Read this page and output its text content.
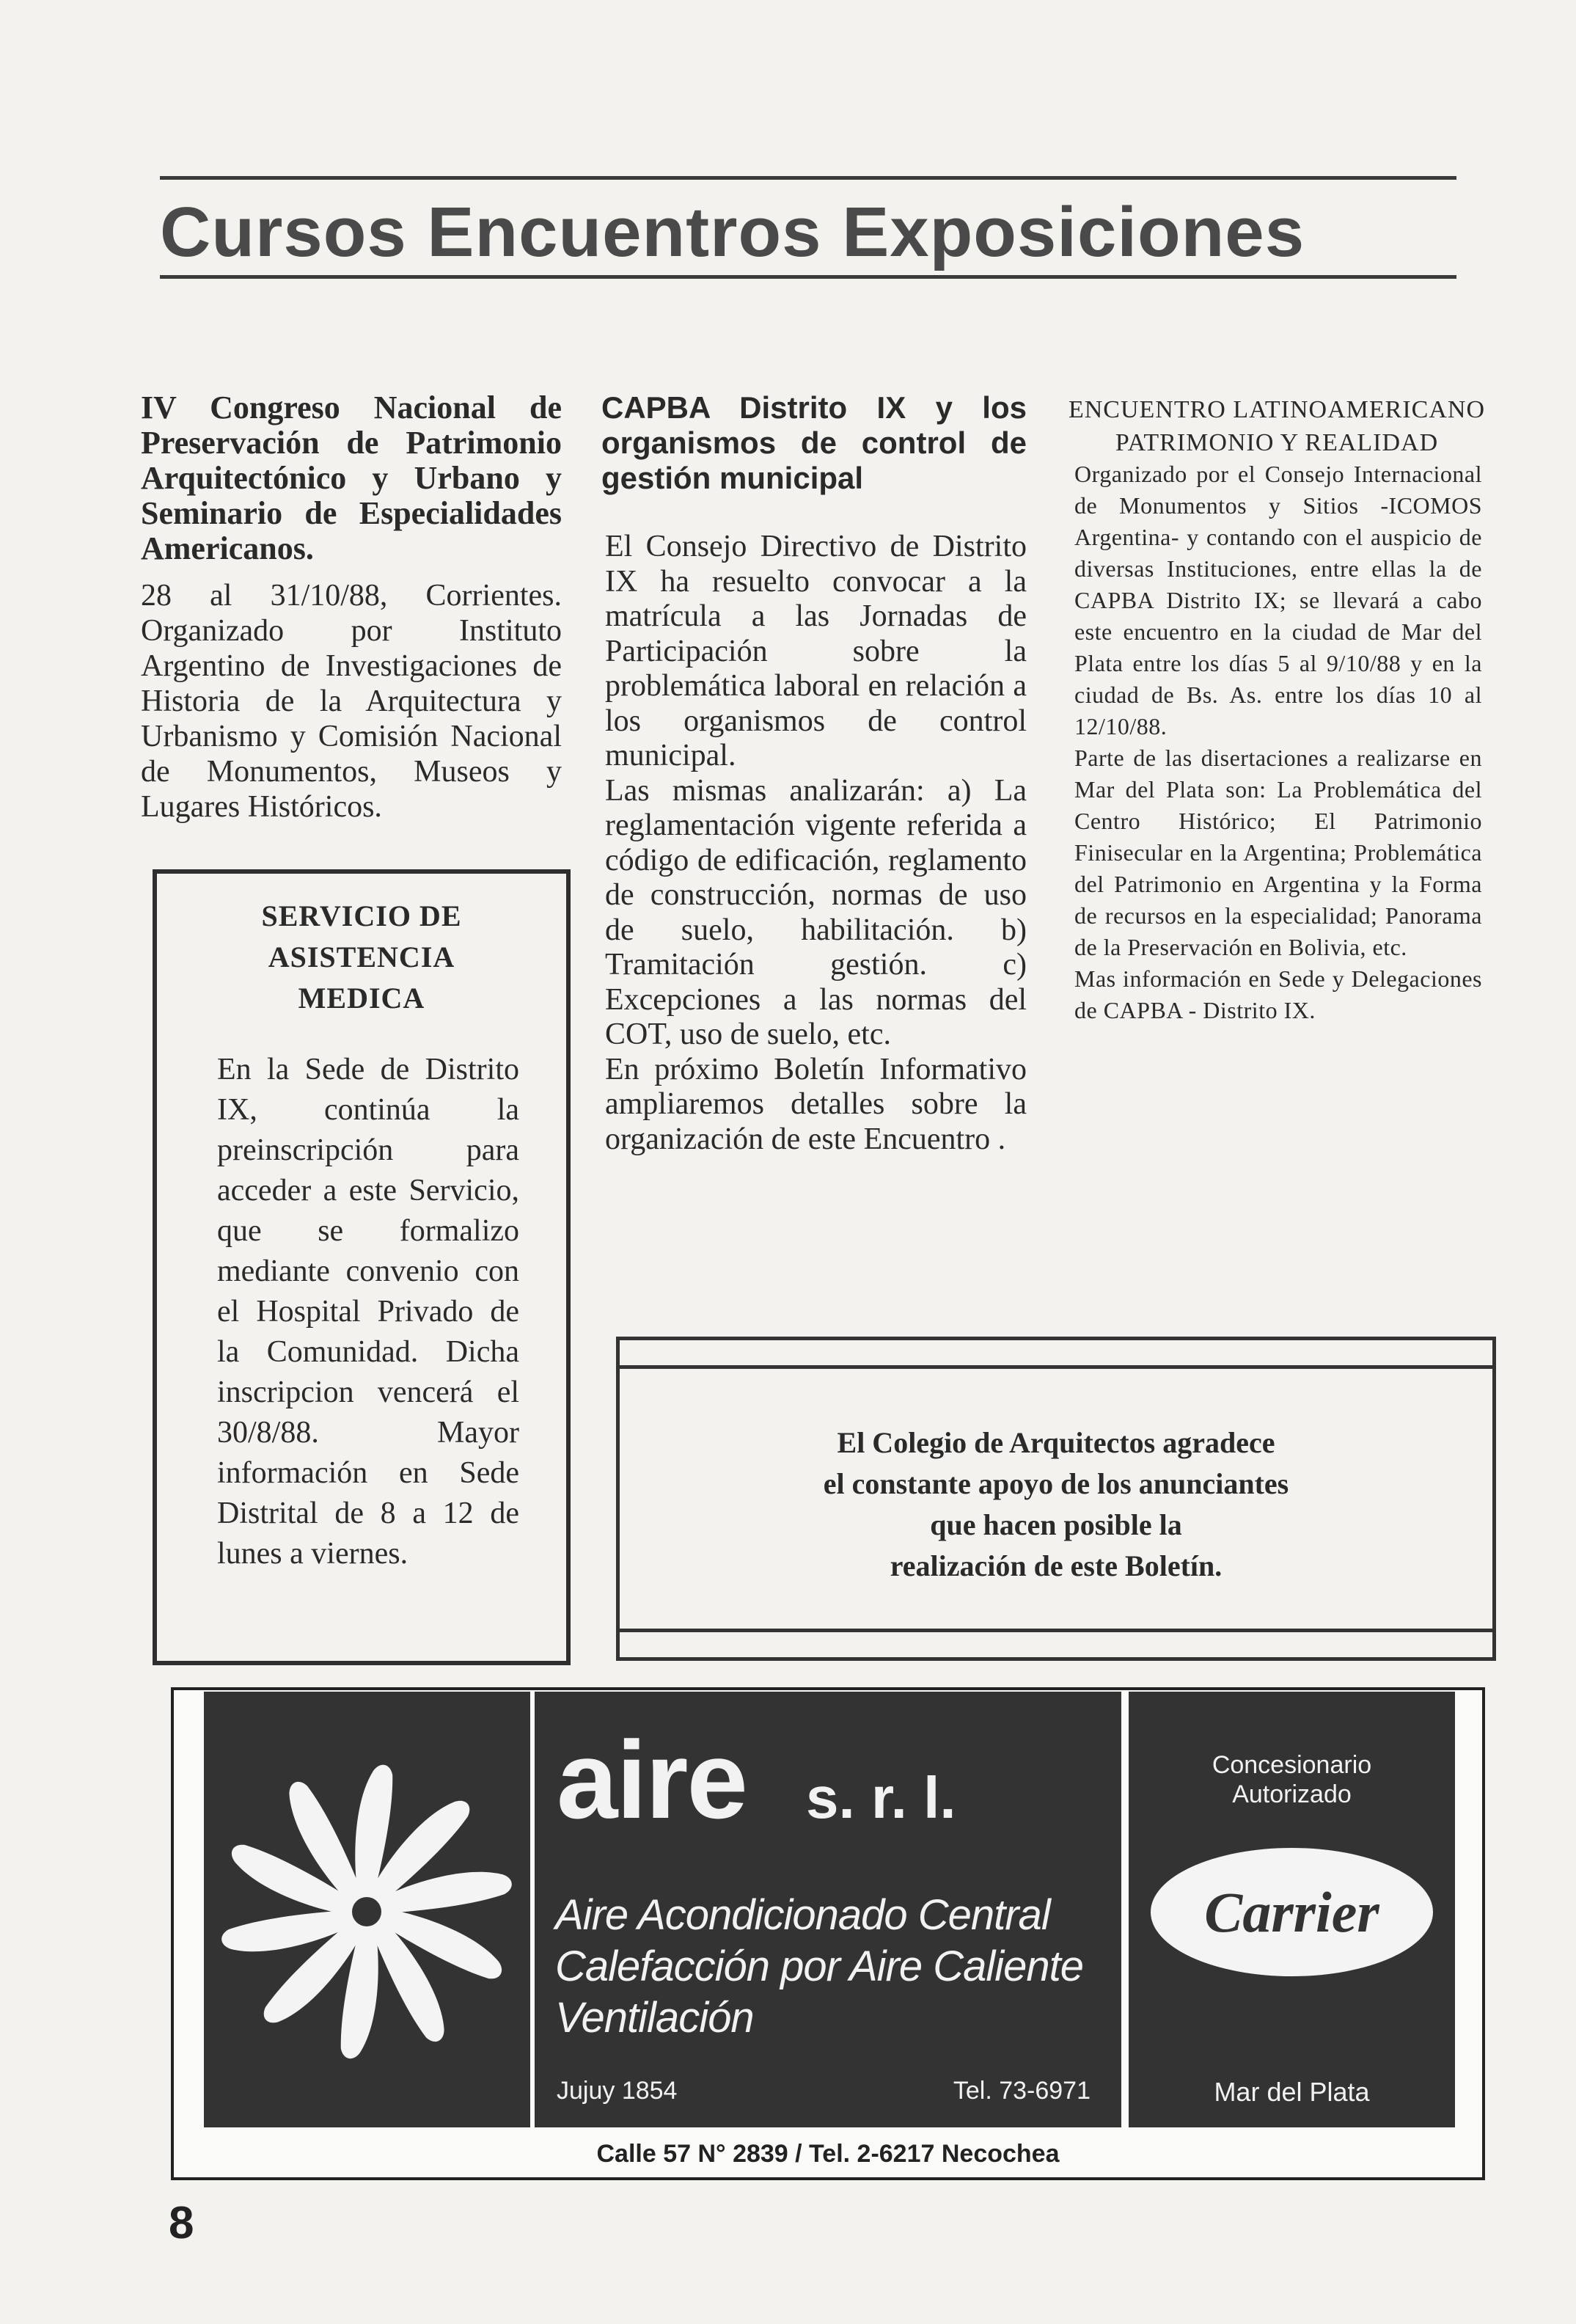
Cursos Encuentros Exposiciones
IV Congreso Nacional de Preservación de Patrimonio Arquitectónico y Urbano y Seminario de Especialidades Americanos.
28 al 31/10/88, Corrientes. Organizado por Instituto Argentino de Investigaciones de Historia de la Arquitectura y Urbanismo y Comisión Nacional de Monumentos, Museos y Lugares Históricos.
SERVICIO DE
ASISTENCIA
MEDICA
En la Sede de Distrito IX, continúa la preinscripción para acceder a este Servicio, que se formalizo mediante convenio con el Hospital Privado de la Comunidad. Dicha inscripcion vencerá el 30/8/88. Mayor información en Sede Distrital de 8 a 12 de lunes a viernes.
CAPBA Distrito IX y los organismos de control de gestión municipal
El Consejo Directivo de Distrito IX ha resuelto convocar a la matrícula a las Jornadas de Participación sobre la problemática laboral en relación a los organismos de control municipal.
Las mismas analizarán: a) La reglamentación vigente referida a código de edificación, reglamento de construcción, normas de uso de suelo, habilitación. b) Tramitación gestión. c) Excepciones a las normas del COT, uso de suelo, etc.
En próximo Boletín Informativo ampliaremos detalles sobre la organización de este Encuentro .
ENCUENTRO LATINOAMERICANO
PATRIMONIO Y REALIDAD
Organizado por el Consejo Internacional de Monumentos y Sitios -ICOMOS Argentina- y contando con el auspicio de diversas Instituciones, entre ellas la de CAPBA Distrito IX; se llevará a cabo este encuentro en la ciudad de Mar del Plata entre los días 5 al 9/10/88 y en la ciudad de Bs. As. entre los días 10 al 12/10/88.
Parte de las disertaciones a realizarse en Mar del Plata son: La Problemática del Centro Histórico; El Patrimonio Finisecular en la Argentina; Problemática del Patrimonio en Argentina y la Forma de recursos en la especialidad; Panorama de la Preservación en Bolivia, etc.
Mas información en Sede y Delegaciones de CAPBA - Distrito IX.
El Colegio de Arquitectos agradece
el constante apoyo de los anunciantes
que hacen posible la
realización de este Boletín.
aire s. r. l.
Aire Acondicionado Central
Calefacción por Aire Caliente
Ventilación
Jujuy 1854	Tel. 73-6971
Concesionario
Autorizado
Carrier
Mar del Plata
Calle 57 N° 2839 / Tel. 2-6217 Necochea
8
